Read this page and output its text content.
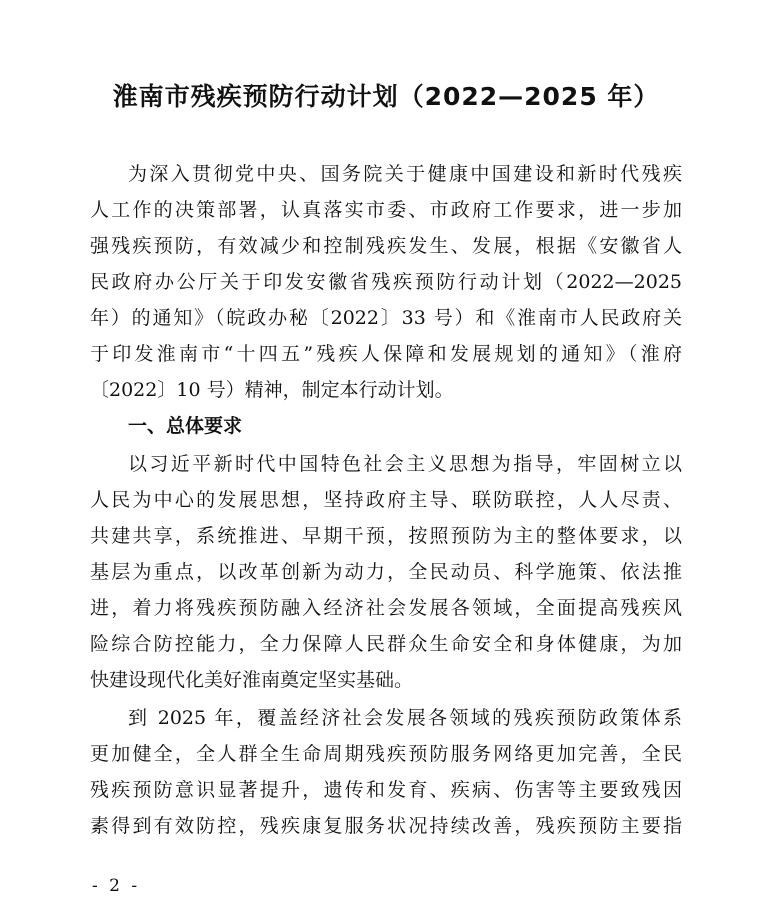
淮南市残疾预防行动计划（2022—2025 年）

为深入贯彻党中央、国务院关于健康中国建设和新时代残疾

人工作的决策部署，认真落实市委、市政府工作要求，进一步加

强残疾预防，有效减少和控制残疾发生、发展，根据《安徽省人

民政府办公厅关于印发安徽省残疾预防行动计划（2022—2025

年）的通知》（皖政办秘〔2022〕33 号）和《淮南市人民政府关

于印发淮南市“十四五”残疾人保障和发展规划的通知》（淮府

〔2022〕10 号）精神，制定本行动计划。

一、总体要求

以习近平新时代中国特色社会主义思想为指导，牢固树立以

人民为中心的发展思想，坚持政府主导、联防联控，人人尽责、

共建共享，系统推进、早期干预，按照预防为主的整体要求，以

基层为重点，以改革创新为动力，全民动员、科学施策、依法推

进，着力将残疾预防融入经济社会发展各领域，全面提高残疾风

险综合防控能力，全力保障人民群众生命安全和身体健康，为加

快建设现代化美好淮南奠定坚实基础。

到 2025 年，覆盖经济社会发展各领域的残疾预防政策体系

更加健全，全人群全生命周期残疾预防服务网络更加完善，全民

残疾预防意识显著提升，遗传和发育、疾病、伤害等主要致残因

素得到有效防控，残疾康复服务状况持续改善，残疾预防主要指

- 2 -
